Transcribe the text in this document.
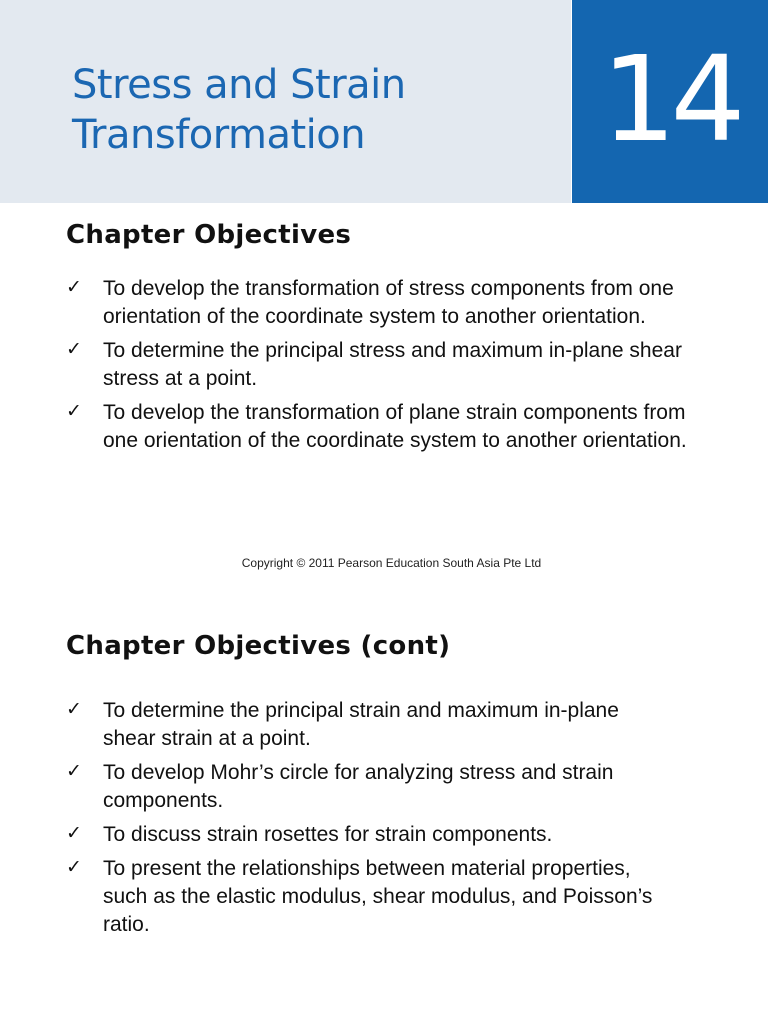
Stress and Strain
Transformation	14
Chapter Objectives
✓ To develop the transformation of stress components from one orientation of the coordinate system to another orientation.
✓ To determine the principal stress and maximum in-plane shear stress at a point.
✓ To develop the transformation of plane strain components from one orientation of the coordinate system to another orientation.
Copyright © 2011 Pearson Education South Asia Pte Ltd
Chapter Objectives (cont)
✓ To determine the principal strain and maximum in-plane shear strain at a point.
✓ To develop Mohr’s circle for analyzing stress and strain components.
✓ To discuss strain rosettes for strain components.
✓ To present the relationships between material properties, such as the elastic modulus, shear modulus, and Poisson’s ratio.
